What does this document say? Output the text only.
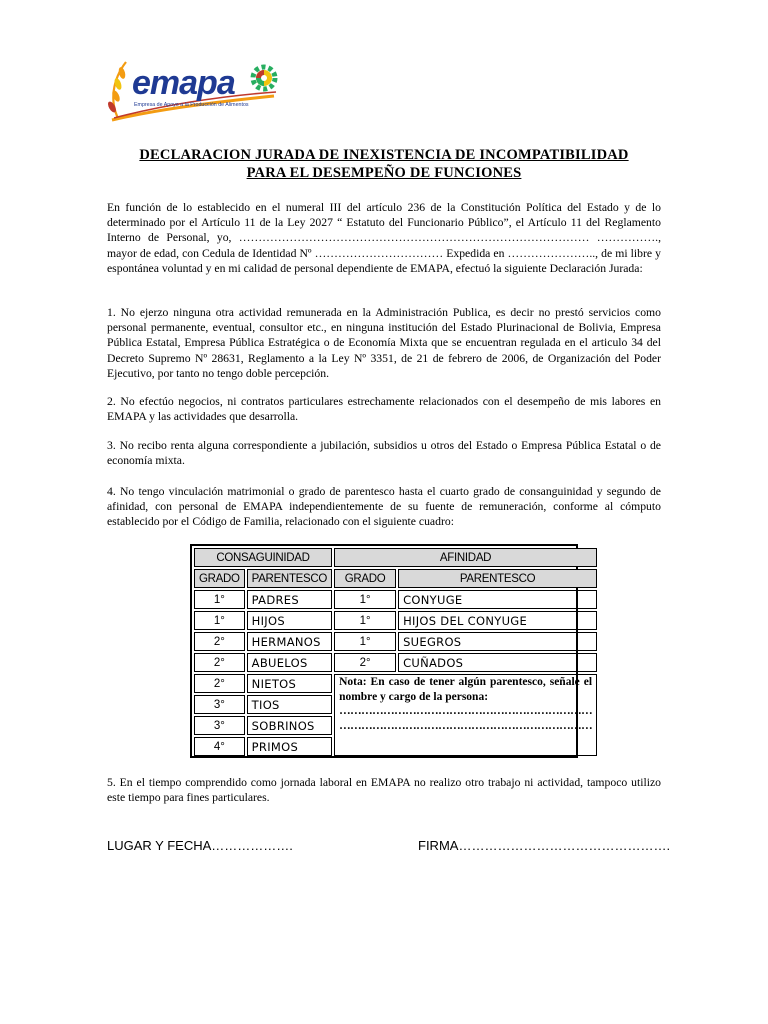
emapa
Empresa de Apoyo a la Producción de Alimentos
DECLARACION JURADA DE INEXISTENCIA DE INCOMPATIBILIDAD
PARA EL DESEMPEÑO DE FUNCIONES

En función de lo establecido en el numeral III del artículo 236 de la Constitución Política del Estado y de lo determinado por el Artículo 11 de la Ley 2027 “ Estatuto del Funcionario Público”, el Artículo 11 del Reglamento Interno de Personal, yo, ……………………………………………………………………………… ……………., mayor de edad, con Cedula de Identidad Nº …………………………… Expedida en ………………….., de mi libre y espontánea voluntad y en mi calidad de personal dependiente de EMAPA, efectuó la siguiente Declaración Jurada:

1. No ejerzo ninguna otra actividad remunerada en la Administración Publica, es decir no prestó servicios como personal permanente, eventual, consultor etc., en ninguna institución del Estado Plurinacional de Bolivia, Empresa Pública Estatal, Empresa Pública Estratégica o de Economía Mixta que se encuentran regulada en el articulo 34 del Decreto Supremo Nº 28631, Reglamento a la Ley Nº 3351, de 21 de febrero de 2006, de Organización del Poder Ejecutivo, por tanto no tengo doble percepción.

2. No efectúo negocios, ni contratos particulares estrechamente relacionados con el desempeño de mis labores en EMAPA y las actividades que desarrolla.

3. No recibo renta alguna correspondiente a jubilación, subsidios u otros del Estado o Empresa Pública Estatal o de economía mixta.

4. No tengo vinculación matrimonial o grado de parentesco hasta el cuarto grado de consanguinidad y segundo de afinidad, con personal de EMAPA independientemente de su fuente de remuneración, conforme al cómputo establecido por el Código de Familia, relacionado con el siguiente cuadro:

CONSAGUINIDAD		AFINIDAD	
GRADO	PARENTESCO	GRADO	PARENTESCO
1°	PADRES	1°	CONYUGE
1°	HIJOS	1°	HIJOS DEL CONYUGE
2°	HERMANOS	1°	SUEGROS
2°	ABUELOS	2°	CUÑADOS
2°	NIETOS	Nota: En caso de tener algún parentesco, señale el nombre y cargo de la persona:
……………………………………………………………
……………………………………………………………	

3°	TIOS		
3°	SOBRINOS		
4°	PRIMOS		

5. En el tiempo comprendido como jornada laboral en EMAPA no realizo otro trabajo ni actividad, tampoco utilizo este tiempo para fines particulares.

LUGAR Y FECHA……………….	FIRMA………………………………………….
